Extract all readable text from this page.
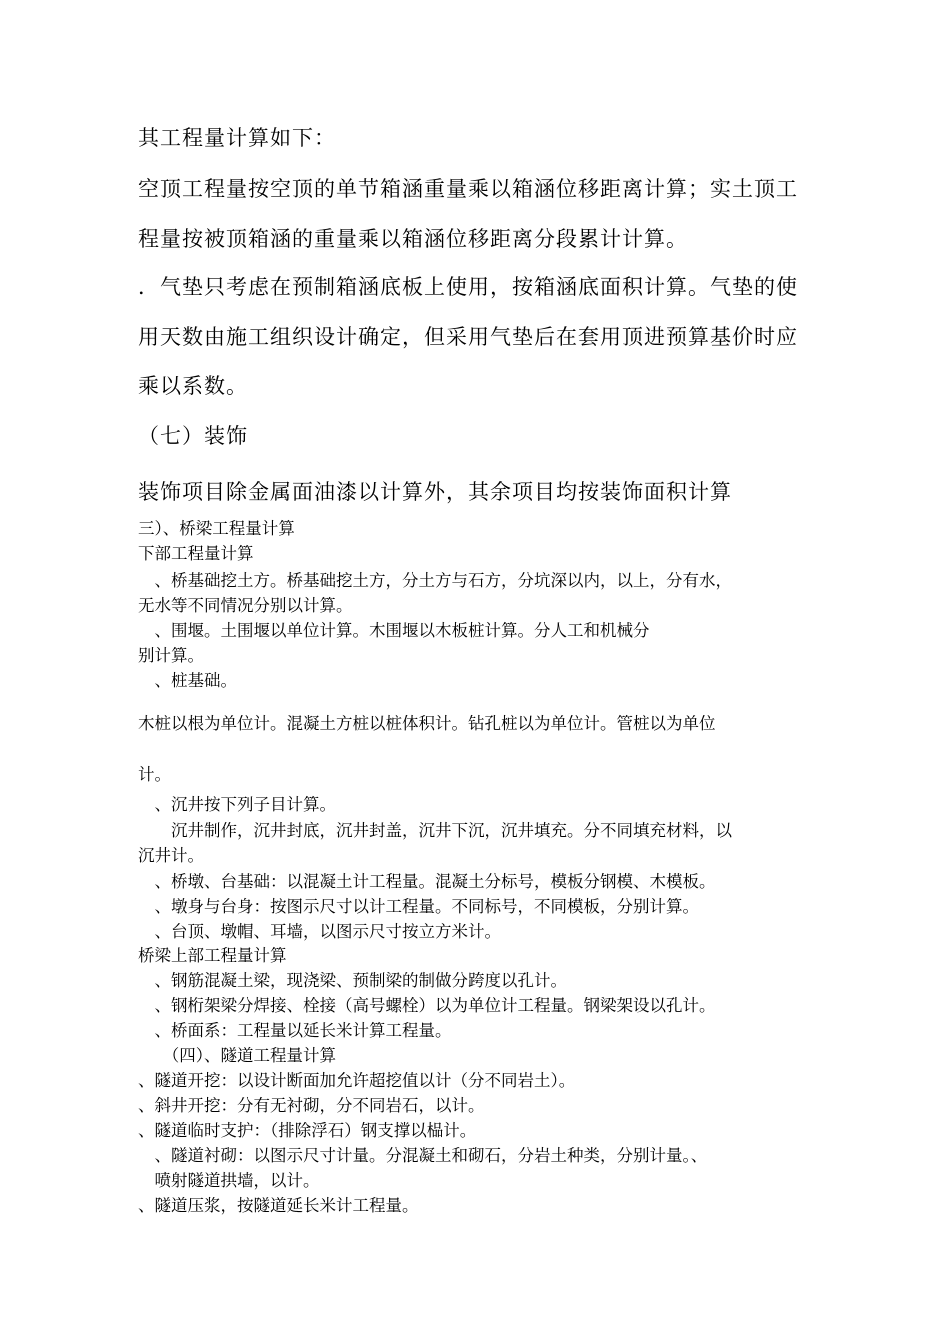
其工程量计算如下：

空顶工程量按空顶的单节箱涵重量乘以箱涵位移距离计算；实土顶工

程量按被顶箱涵的重量乘以箱涵位移距离分段累计计算。

．气垫只考虑在预制箱涵底板上使用，按箱涵底面积计算。气垫的使

用天数由施工组织设计确定，但采用气垫后在套用顶进预算基价时应

乘以系数。

（七）装饰

装饰项目除金属面油漆以计算外，其余项目均按装饰面积计算

三）、桥梁工程量计算

下部工程量计算

　、桥基础挖土方。桥基础挖土方，分土方与石方，分坑深以内，以上，分有水，

无水等不同情况分别以计算。

　、围堰。土围堰以单位计算。木围堰以木板桩计算。分人工和机械分

别计算。

　、桩基础。

木桩以根为单位计。混凝土方桩以桩体积计。钻孔桩以为单位计。管桩以为单位

计。

　、沉井按下列子目计算。

　　沉井制作，沉井封底，沉井封盖，沉井下沉，沉井填充。分不同填充材料，以

沉井计。

　、桥墩、台基础：以混凝土计工程量。混凝土分标号，模板分钢模、木模板。

　、墩身与台身：按图示尺寸以计工程量。不同标号，不同模板，分别计算。

　、台顶、墩帽、耳墙，以图示尺寸按立方米计。

桥梁上部工程量计算

　、钢筋混凝土梁，现浇梁、预制梁的制做分跨度以孔计。

　、钢桁架梁分焊接、栓接（高号螺栓）以为单位计工程量。钢梁架设以孔计。

　、桥面系：工程量以延长米计算工程量。

　　（四）、隧道工程量计算

、隧道开挖：以设计断面加允许超挖值以计（分不同岩土）。

、斜井开挖：分有无衬砌，分不同岩石，以计。

、隧道临时支护：（排除浮石）钢支撑以榀计。

　、隧道衬砌：以图示尺寸计量。分混凝土和砌石，分岩土种类，分别计量。、

　喷射隧道拱墙，以计。

、隧道压浆，按隧道延长米计工程量。
